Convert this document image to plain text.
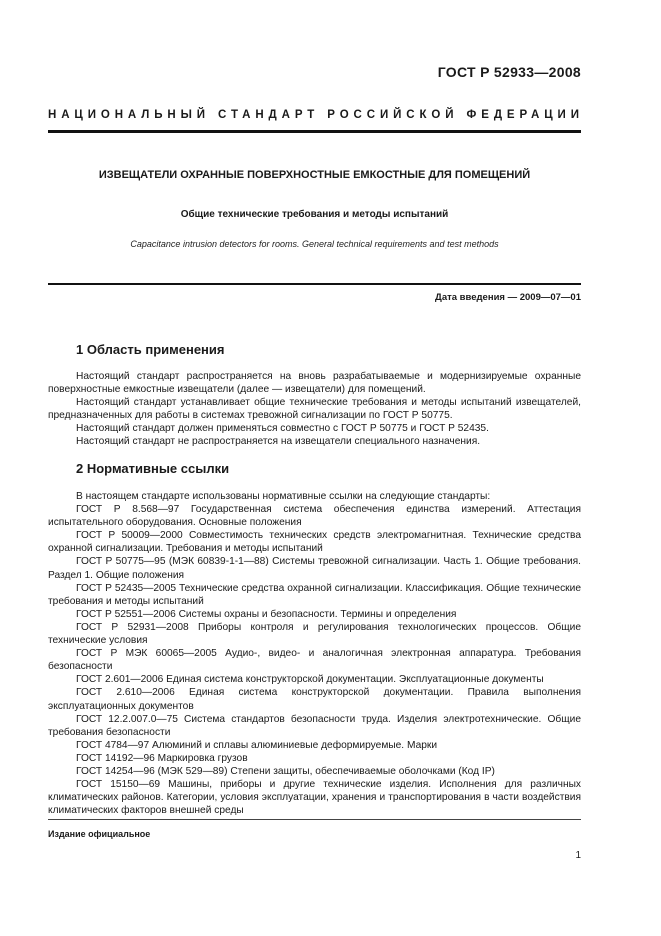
ГОСТ Р 52933—2008
НАЦИОНАЛЬНЫЙ СТАНДАРТ РОССИЙСКОЙ ФЕДЕРАЦИИ
ИЗВЕЩАТЕЛИ ОХРАННЫЕ ПОВЕРХНОСТНЫЕ ЕМКОСТНЫЕ ДЛЯ ПОМЕЩЕНИЙ
Общие технические требования и методы испытаний
Capacitance intrusion detectors for rooms. General technical requirements and test methods
Дата введения — 2009—07—01
1 Область применения

Настоящий стандарт распространяется на вновь разрабатываемые и модернизируемые охранные поверхностные емкостные извещатели (далее — извещатели) для помещений.

Настоящий стандарт устанавливает общие технические требования и методы испытаний извещателей, предназначенных для работы в системах тревожной сигнализации по ГОСТ Р 50775.

Настоящий стандарт должен применяться совместно с ГОСТ Р 50775 и ГОСТ Р 52435.

Настоящий стандарт не распространяется на извещатели специального назначения.

2 Нормативные ссылки

В настоящем стандарте использованы нормативные ссылки на следующие стандарты:

ГОСТ Р 8.568—97 Государственная система обеспечения единства измерений. Аттестация испытательного оборудования. Основные положения

ГОСТ Р 50009—2000 Совместимость технических средств электромагнитная. Технические средства охранной сигнализации. Требования и методы испытаний

ГОСТ Р 50775—95 (МЭК 60839-1-1—88) Системы тревожной сигнализации. Часть 1. Общие требования. Раздел 1. Общие положения

ГОСТ Р 52435—2005 Технические средства охранной сигнализации. Классификация. Общие технические требования и методы испытаний

ГОСТ Р 52551—2006 Системы охраны и безопасности. Термины и определения

ГОСТ Р 52931—2008 Приборы контроля и регулирования технологических процессов. Общие технические условия

ГОСТ Р МЭК 60065—2005 Аудио-, видео- и аналогичная электронная аппаратура. Требования безопасности

ГОСТ 2.601—2006 Единая система конструкторской документации. Эксплуатационные документы

ГОСТ 2.610—2006 Единая система конструкторской документации. Правила выполнения эксплуатационных документов

ГОСТ 12.2.007.0—75 Система стандартов безопасности труда. Изделия электротехнические. Общие требования безопасности

ГОСТ 4784—97 Алюминий и сплавы алюминиевые деформируемые. Марки

ГОСТ 14192—96 Маркировка грузов

ГОСТ 14254—96 (МЭК 529—89) Степени защиты, обеспечиваемые оболочками (Код IP)

ГОСТ 15150—69 Машины, приборы и другие технические изделия. Исполнения для различных климатических районов. Категории, условия эксплуатации, хранения и транспортирования в части воздействия климатических факторов внешней среды

Издание официальное
1
